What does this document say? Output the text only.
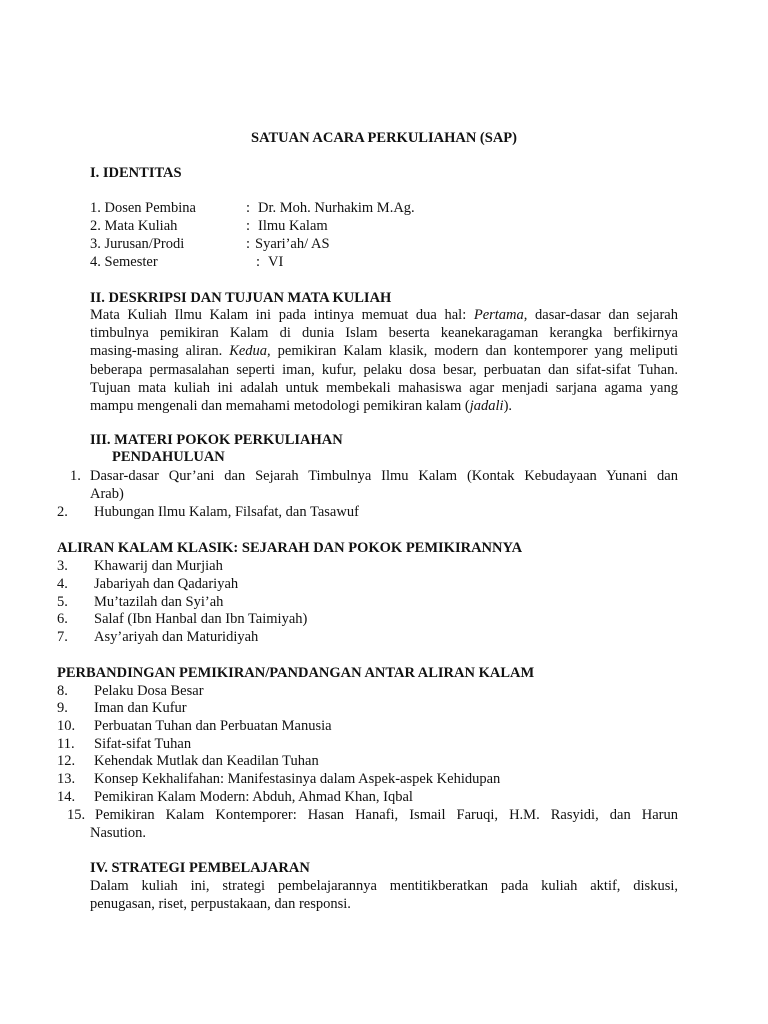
SATUAN ACARA PERKULIAHAN (SAP)
I. IDENTITAS
1. Dosen Pembina	: Dr. Moh. Nurhakim M.Ag.
2. Mata Kuliah	: Ilmu Kalam
3. Jurusan/Prodi	: Syari’ah/ AS
4. Semester	: VI
II. DESKRIPSI DAN TUJUAN MATA KULIAH
Mata Kuliah Ilmu Kalam ini pada intinya memuat dua hal: Pertama, dasar-dasar dan sejarah
timbulnya pemikiran Kalam di dunia Islam beserta keanekaragaman kerangka berfikirnya
masing-masing aliran. Kedua, pemikiran Kalam klasik, modern dan kontemporer yang meliputi
beberapa permasalahan seperti iman, kufur, pelaku dosa besar, perbuatan dan sifat-sifat Tuhan.
Tujuan mata kuliah ini adalah untuk membekali mahasiswa agar menjadi sarjana agama yang
mampu mengenali dan memahami metodologi pemikiran kalam (jadali).
III. MATERI POKOK PERKULIAHAN
PENDAHULUAN
1. Dasar-dasar Qur’ani dan Sejarah Timbulnya Ilmu Kalam (Kontak Kebudayaan Yunani dan
Arab)
2. Hubungan Ilmu Kalam, Filsafat, dan Tasawuf
ALIRAN KALAM KLASIK: SEJARAH DAN POKOK PEMIKIRANNYA
3. Khawarij dan Murjiah
4. Jabariyah dan Qadariyah
5. Mu’tazilah dan Syi’ah
6. Salaf (Ibn Hanbal dan Ibn Taimiyah)
7. Asy’ariyah dan Maturidiyah
PERBANDINGAN PEMIKIRAN/PANDANGAN ANTAR ALIRAN KALAM
8. Pelaku Dosa Besar
9. Iman dan Kufur
10. Perbuatan Tuhan dan Perbuatan Manusia
11. Sifat-sifat Tuhan
12. Kehendak Mutlak dan Keadilan Tuhan
13. Konsep Kekhalifahan: Manifestasinya dalam Aspek-aspek Kehidupan
14. Pemikiran Kalam Modern: Abduh, Ahmad Khan, Iqbal
15. Pemikiran Kalam Kontemporer: Hasan Hanafi, Ismail Faruqi, H.M. Rasyidi, dan Harun
Nasution.
IV. STRATEGI PEMBELAJARAN
Dalam kuliah ini, strategi pembelajarannya mentitikberatkan pada kuliah aktif, diskusi,
penugasan, riset, perpustakaan, dan responsi.
